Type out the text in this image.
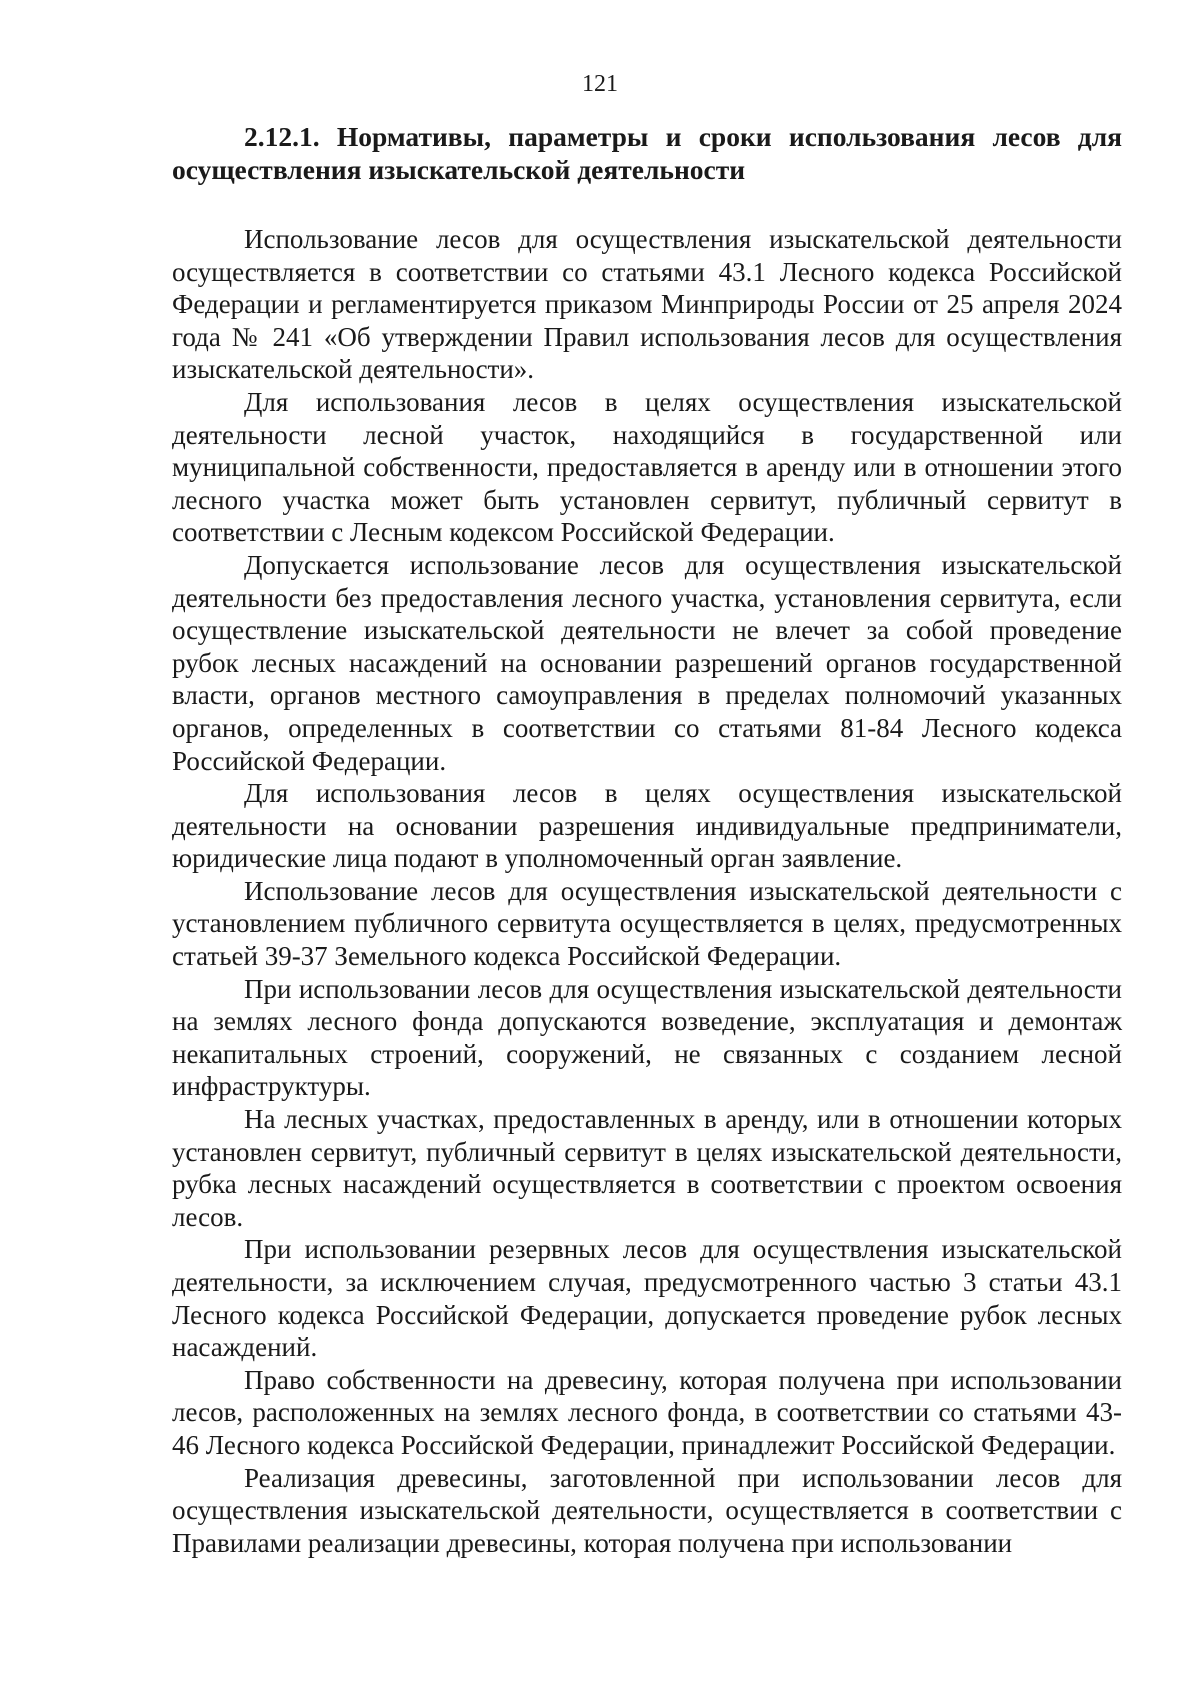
121
2.12.1. Нормативы, параметры и сроки использования лесов для осуществления изыскательской деятельности

Использование лесов для осуществления изыскательской деятельности осуществляется в соответствии со статьями 43.1 Лесного кодекса Российской Федерации и регламентируется приказом Минприроды России от 25 апреля 2024 года № 241 «Об утверждении Правил использования лесов для осуществления изыскательской деятельности».

Для использования лесов в целях осуществления изыскательской деятельности лесной участок, находящийся в государственной или муниципальной собственности, предоставляется в аренду или в отношении этого лесного участка может быть установлен сервитут, публичный сервитут в соответствии с Лесным кодексом Российской Федерации.

Допускается использование лесов для осуществления изыскательской деятельности без предоставления лесного участка, установления сервитута, если осуществление изыскательской деятельности не влечет за собой проведение рубок лесных насаждений на основании разрешений органов государственной власти, органов местного самоуправления в пределах полномочий указанных органов, определенных в соответствии со статьями 81-84 Лесного кодекса Российской Федерации.

Для использования лесов в целях осуществления изыскательской деятельности на основании разрешения индивидуальные предприниматели, юридические лица подают в уполномоченный орган заявление.

Использование лесов для осуществления изыскательской деятельности с установлением публичного сервитута осуществляется в целях, предусмотренных статьей 39-37 Земельного кодекса Российской Федерации.

При использовании лесов для осуществления изыскательской деятельности на землях лесного фонда допускаются возведение, эксплуатация и демонтаж некапитальных строений, сооружений, не связанных с созданием лесной инфраструктуры.

На лесных участках, предоставленных в аренду, или в отношении которых установлен сервитут, публичный сервитут в целях изыскательской деятельности, рубка лесных насаждений осуществляется в соответствии с проектом освоения лесов.

При использовании резервных лесов для осуществления изыскательской деятельности, за исключением случая, предусмотренного частью 3 статьи 43.1 Лесного кодекса Российской Федерации, допускается проведение рубок лесных насаждений.

Право собственности на древесину, которая получена при использовании лесов, расположенных на землях лесного фонда, в соответствии со статьями 43-46 Лесного кодекса Российской Федерации, принадлежит Российской Федерации.

Реализация древесины, заготовленной при использовании лесов для осуществления изыскательской деятельности, осуществляется в соответствии с Правилами реализации древесины, которая получена при использовании
